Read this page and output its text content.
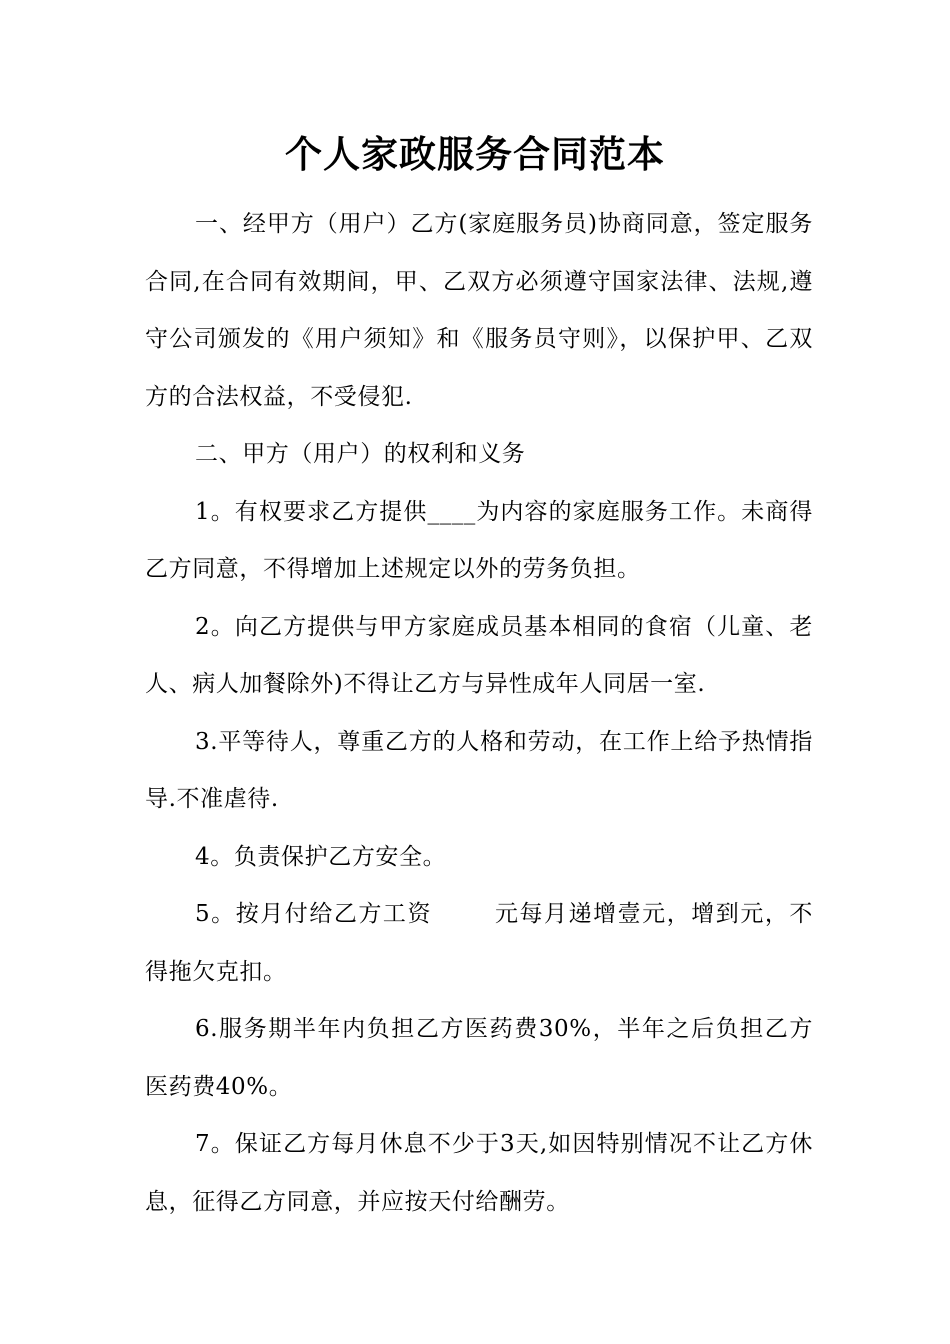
个人家政服务合同范本

一、经甲方（用户）乙方(家庭服务员)协商同意，签定服务合同,在合同有效期间，甲、乙双方必须遵守国家法律、法规,遵守公司颁发的《用户须知》和《服务员守则》，以保护甲、乙双方的合法权益，不受侵犯.

二、甲方（用户）的权利和义务

1。有权要求乙方提供____为内容的家庭服务工作。未商得乙方同意，不得增加上述规定以外的劳务负担。

2。向乙方提供与甲方家庭成员基本相同的食宿（儿童、老人、病人加餐除外)不得让乙方与异性成年人同居一室.

3.平等待人，尊重乙方的人格和劳动，在工作上给予热情指导.不准虐待.

4。负责保护乙方安全。

5。按月付给乙方工资	元每月递增壹元，增到元，不得拖欠克扣。

6.服务期半年内负担乙方医药费30%，半年之后负担乙方医药费40%。

7。保证乙方每月休息不少于3天,如因特别情况不让乙方休息，征得乙方同意，并应按天付给酬劳。
